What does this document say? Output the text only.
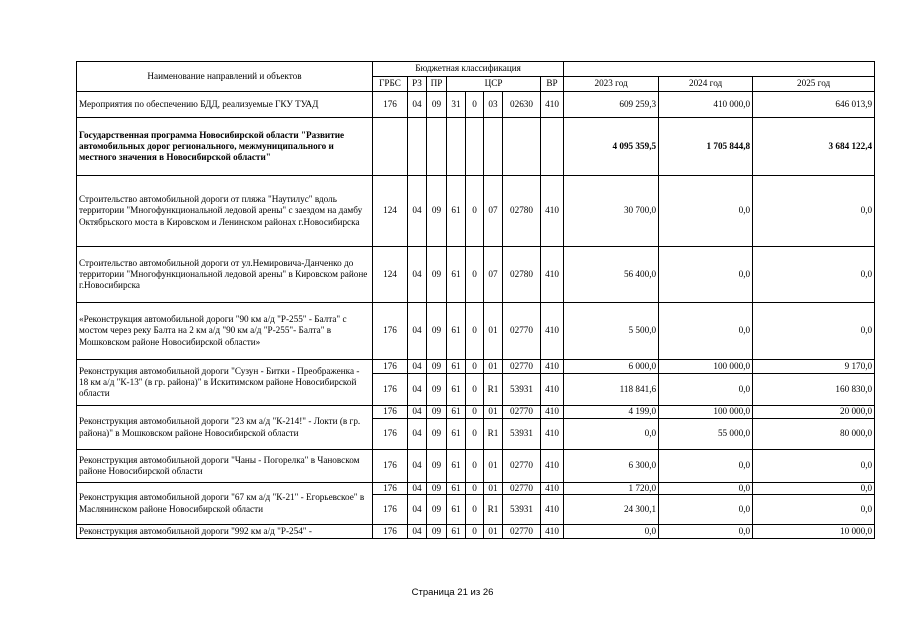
Наименование направлений и объектов	Бюджетная классификация										
	ГРБС	РЗ	ПР	ЦСР				ВР	2023 год	2024 год	2025 год
Мероприятия по обеспечению БДД, реализуемые ГКУ ТУАД	176	04	09	31	0	03	02630	410	609 259,3	410 000,0	646 013,9
Государственная программа Новосибирской области "Развитие автомобильных дорог регионального, межмуниципального и местного значения в Новосибирской области"									4 095 359,5	1 705 844,8	3 684 122,4
Строительство автомобильной дороги от пляжа "Наутилус" вдоль территории "Многофункциональной ледовой арены" с заездом на дамбу Октябрьского моста в Кировском и Ленинском районах г.Новосибирска	124	04	09	61	0	07	02780	410	30 700,0	0,0	0,0
Строительство автомобильной дороги от ул.Немировича-Данченко до территории "Многофункциональной ледовой арены" в Кировском районе г.Новосибирска	124	04	09	61	0	07	02780	410	56 400,0	0,0	0,0
«Реконструкция автомобильной дороги "90 км а/д "Р-255" - Балта" с мостом через реку Балта на 2 км а/д "90 км а/д "Р-255"- Балта" в Мошковском районе Новосибирской области»	176	04	09	61	0	01	02770	410	5 500,0	0,0	0,0
Реконструкция автомобильной дороги "Сузун - Битки - Преображенка - 18 км а/д "К-13" (в гр. района)" в Искитимском районе Новосибирской области	176	04	09	61	0	01	02770	410	6 000,0	100 000,0	9 170,0
	176	04	09	61	0	R1	53931	410	118 841,6	0,0	160 830,0
Реконструкция автомобильной дороги "23 км а/д "К-214!" - Локти (в гр. района)" в Мошковском районе Новосибирской области	176	04	09	61	0	01	02770	410	4 199,0	100 000,0	20 000,0
	176	04	09	61	0	R1	53931	410	0,0	55 000,0	80 000,0
Реконструкция автомобильной дороги "Чаны - Погорелка" в Чановском районе Новосибирской области	176	04	09	61	0	01	02770	410	6 300,0	0,0	0,0
Реконструкция автомобильной дороги "67 км а/д "К-21" - Егорьевское" в Маслянинском районе Новосибирской области	176	04	09	61	0	01	02770	410	1 720,0	0,0	0,0
	176	04	09	61	0	R1	53931	410	24 300,1	0,0	0,0
Реконструкция автомобильной дороги "992 км а/д "Р-254" -	176	04	09	61	0	01	02770	410	0,0	0,0	10 000,0
Страница 21 из 26
